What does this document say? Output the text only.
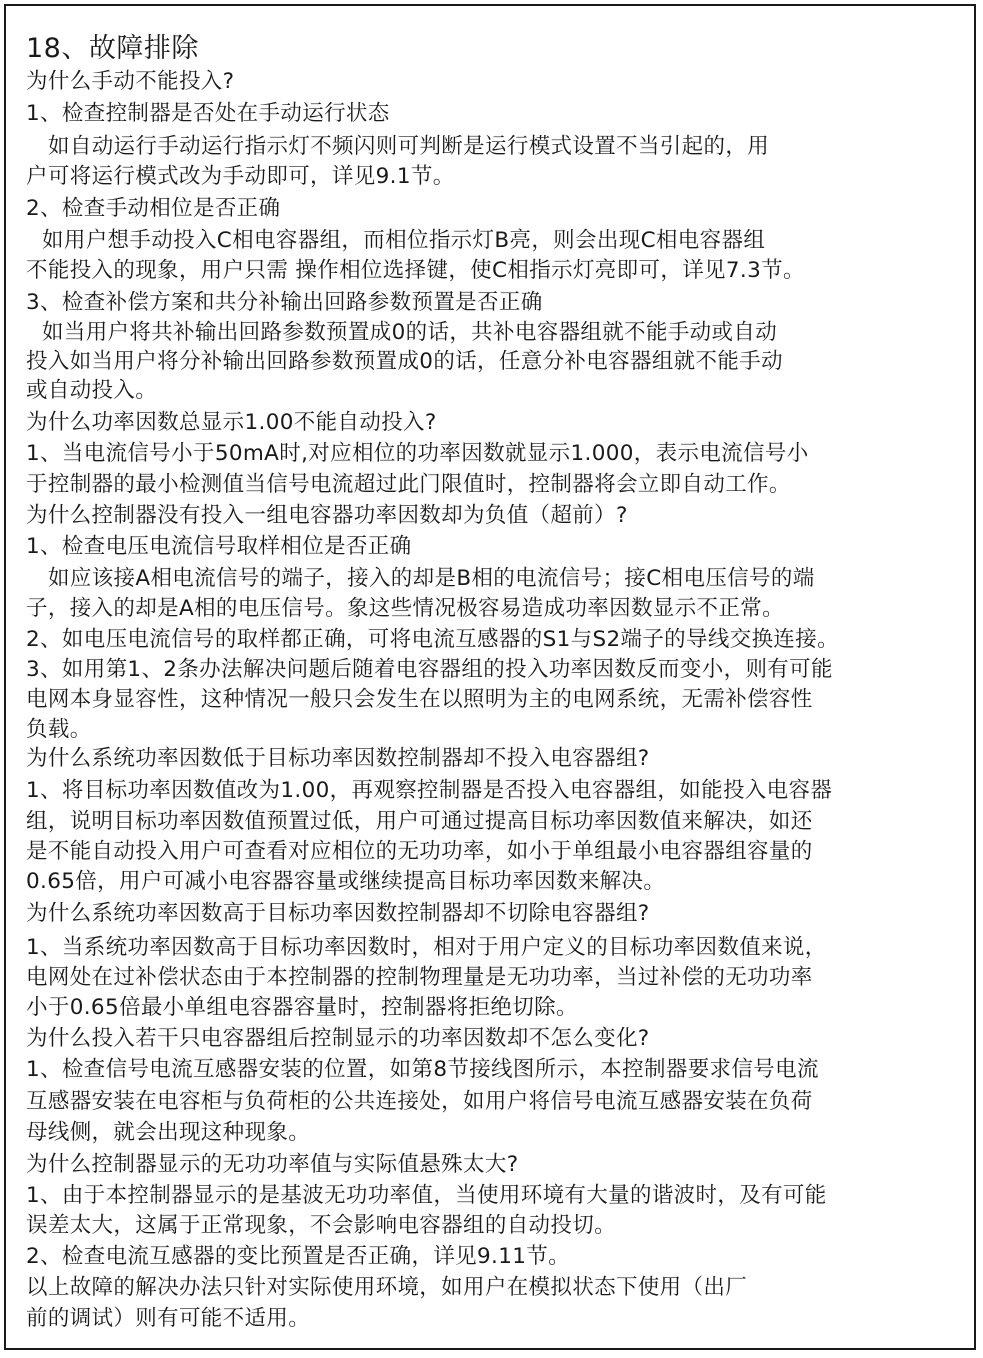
18、故障排除

为什么手动不能投入?

1、检查控制器是否处在手动运行状态

如自动运行手动运行指示灯不频闪则可判断是运行模式设置不当引起的，用

户可将运行模式改为手动即可，详见9.1节。

2、检查手动相位是否正确

如用户想手动投入C相电容器组，而相位指示灯B亮，则会出现C相电容器组

不能投入的现象，用户只需 操作相位选择键，使C相指示灯亮即可，详见7.3节。

3、检查补偿方案和共分补输出回路参数预置是否正确

如当用户将共补输出回路参数预置成0的话，共补电容器组就不能手动或自动

投入如当用户将分补输出回路参数预置成0的话，任意分补电容器组就不能手动

或自动投入。

为什么功率因数总显示1.00不能自动投入?

1、当电流信号小于50mA时,对应相位的功率因数就显示1.000，表示电流信号小

于控制器的最小检测值当信号电流超过此门限值时，控制器将会立即自动工作。

为什么控制器没有投入一组电容器功率因数却为负值（超前）?

1、检查电压电流信号取样相位是否正确

如应该接A相电流信号的端子，接入的却是B相的电流信号；接C相电压信号的端

子，接入的却是A相的电压信号。象这些情况极容易造成功率因数显示不正常。

2、如电压电流信号的取样都正确，可将电流互感器的S1与S2端子的导线交换连接。

3、如用第1、2条办法解决问题后随着电容器组的投入功率因数反而变小，则有可能

电网本身显容性，这种情况一般只会发生在以照明为主的电网系统，无需补偿容性

负载。

为什么系统功率因数低于目标功率因数控制器却不投入电容器组?

1、将目标功率因数值改为1.00，再观察控制器是否投入电容器组，如能投入电容器

组，说明目标功率因数值预置过低，用户可通过提高目标功率因数值来解决，如还

是不能自动投入用户可查看对应相位的无功功率，如小于单组最小电容器组容量的

0.65倍，用户可减小电容器容量或继续提高目标功率因数来解决。

为什么系统功率因数高于目标功率因数控制器却不切除电容器组?

1、当系统功率因数高于目标功率因数时，相对于用户定义的目标功率因数值来说，

电网处在过补偿状态由于本控制器的控制物理量是无功功率，当过补偿的无功功率

小于0.65倍最小单组电容器容量时，控制器将拒绝切除。

为什么投入若干只电容器组后控制显示的功率因数却不怎么变化?

1、检查信号电流互感器安装的位置，如第8节接线图所示，本控制器要求信号电流

互感器安装在电容柜与负荷柜的公共连接处，如用户将信号电流互感器安装在负荷

母线侧，就会出现这种现象。

为什么控制器显示的无功功率值与实际值悬殊太大?

1、由于本控制器显示的是基波无功功率值，当使用环境有大量的谐波时，及有可能

误差太大，这属于正常现象，不会影响电容器组的自动投切。

2、检查电流互感器的变比预置是否正确，详见9.11节。

以上故障的解决办法只针对实际使用环境，如用户在模拟状态下使用（出厂

前的调试）则有可能不适用。
